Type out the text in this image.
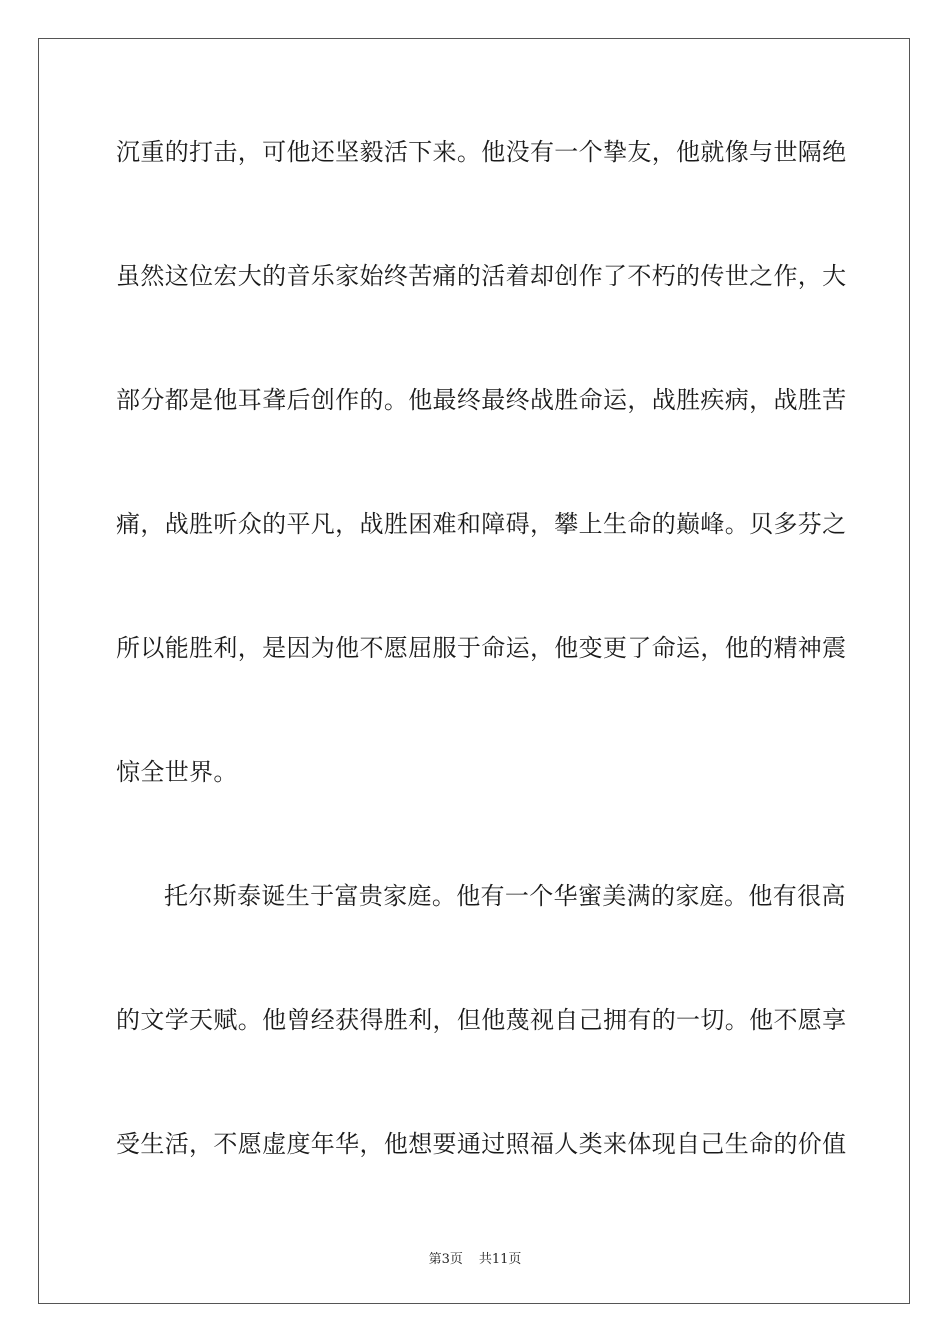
沉重的打击，可他还坚毅活下来。他没有一个挚友，他就像与世隔绝
虽然这位宏大的音乐家始终苦痛的活着却创作了不朽的传世之作，大
部分都是他耳聋后创作的。他最终最终战胜命运，战胜疾病，战胜苦
痛，战胜听众的平凡，战胜困难和障碍，攀上生命的巅峰。贝多芬之
所以能胜利，是因为他不愿屈服于命运，他变更了命运，他的精神震
惊全世界。
托尔斯泰诞生于富贵家庭。他有一个华蜜美满的家庭。他有很高
的文学天赋。他曾经获得胜利，但他蔑视自己拥有的一切。他不愿享
受生活，不愿虚度年华，他想要通过照福人类来体现自己生命的价值
第3页 共11页
